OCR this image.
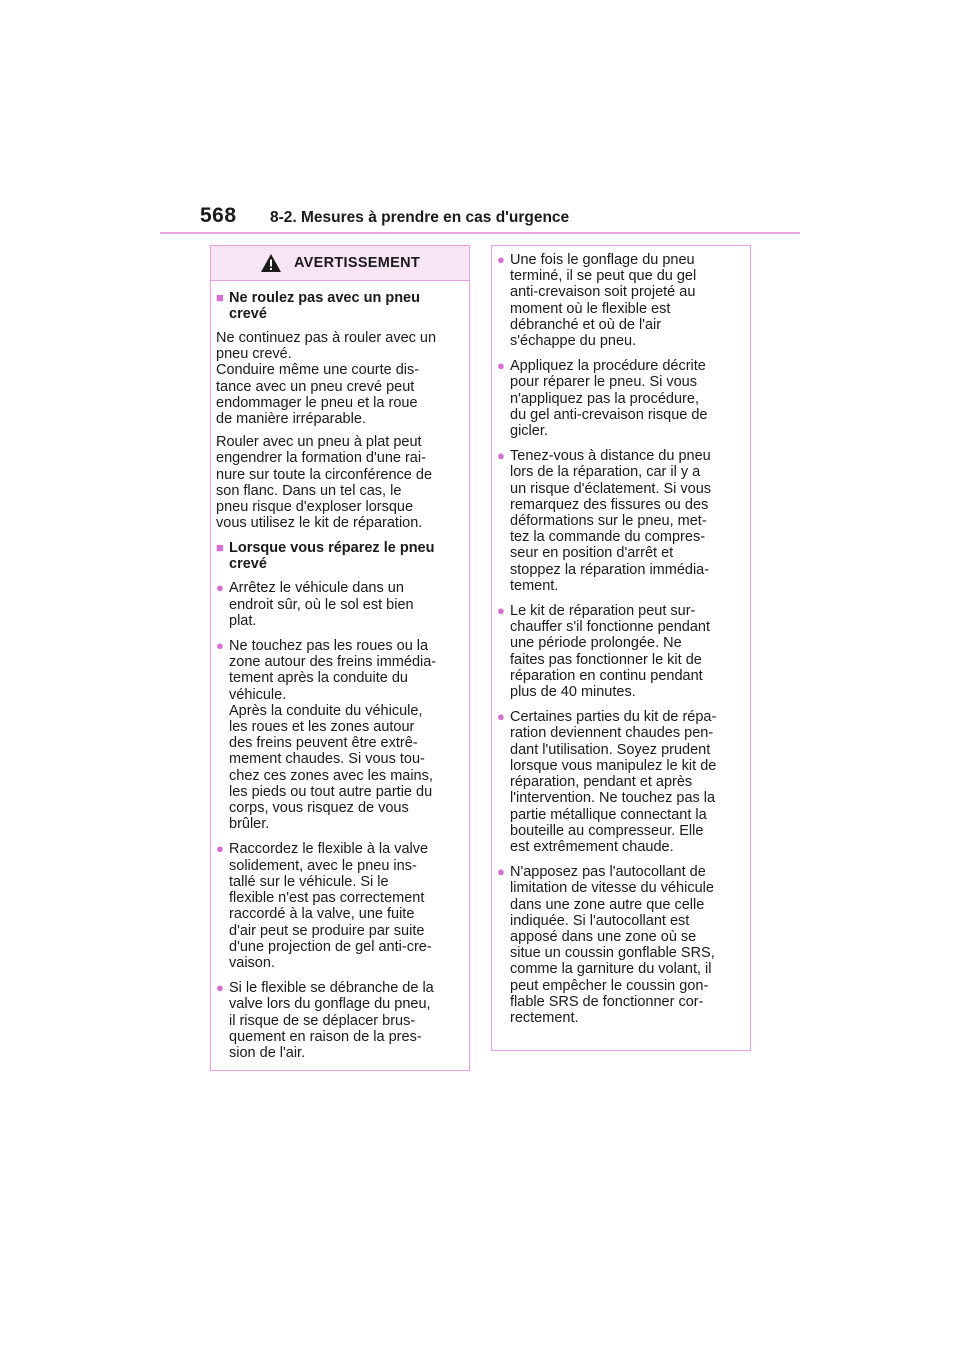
568 8-2. Mesures à prendre en cas d'urgence
AVERTISSEMENT
■ Ne roulez pas avec un pneu
crevé

Ne continuez pas à rouler avec un
pneu crevé.
Conduire même une courte dis-
tance avec un pneu crevé peut
endommager le pneu et la roue
de manière irréparable.

Rouler avec un pneu à plat peut
engendrer la formation d'une rai-
nure sur toute la circonférence de
son flanc. Dans un tel cas, le
pneu risque d'exploser lorsque
vous utilisez le kit de réparation.

■ Lorsque vous réparez le pneu
crevé
● Arrêtez le véhicule dans un
endroit sûr, où le sol est bien
plat.
● Ne touchez pas les roues ou la
zone autour des freins immédia-
tement après la conduite du
véhicule.
Après la conduite du véhicule,
les roues et les zones autour
des freins peuvent être extrê-
mement chaudes. Si vous tou-
chez ces zones avec les mains,
les pieds ou tout autre partie du
corps, vous risquez de vous
brûler.
● Raccordez le flexible à la valve
solidement, avec le pneu ins-
tallé sur le véhicule. Si le
flexible n'est pas correctement
raccordé à la valve, une fuite
d'air peut se produire par suite
d'une projection de gel anti-cre-
vaison.
● Si le flexible se débranche de la
valve lors du gonflage du pneu,
il risque de se déplacer brus-
quement en raison de la pres-
sion de l'air.
● Une fois le gonflage du pneu
terminé, il se peut que du gel
anti-crevaison soit projeté au
moment où le flexible est
débranché et où de l'air
s'échappe du pneu.
● Appliquez la procédure décrite
pour réparer le pneu. Si vous
n'appliquez pas la procédure,
du gel anti-crevaison risque de
gicler.
● Tenez-vous à distance du pneu
lors de la réparation, car il y a
un risque d'éclatement. Si vous
remarquez des fissures ou des
déformations sur le pneu, met-
tez la commande du compres-
seur en position d'arrêt et
stoppez la réparation immédia-
tement.
● Le kit de réparation peut sur-
chauffer s'il fonctionne pendant
une période prolongée. Ne
faites pas fonctionner le kit de
réparation en continu pendant
plus de 40 minutes.
● Certaines parties du kit de répa-
ration deviennent chaudes pen-
dant l'utilisation. Soyez prudent
lorsque vous manipulez le kit de
réparation, pendant et après
l'intervention. Ne touchez pas la
partie métallique connectant la
bouteille au compresseur. Elle
est extrêmement chaude.
● N'apposez pas l'autocollant de
limitation de vitesse du véhicule
dans une zone autre que celle
indiquée. Si l'autocollant est
apposé dans une zone où se
situe un coussin gonflable SRS,
comme la garniture du volant, il
peut empêcher le coussin gon-
flable SRS de fonctionner cor-
rectement.
